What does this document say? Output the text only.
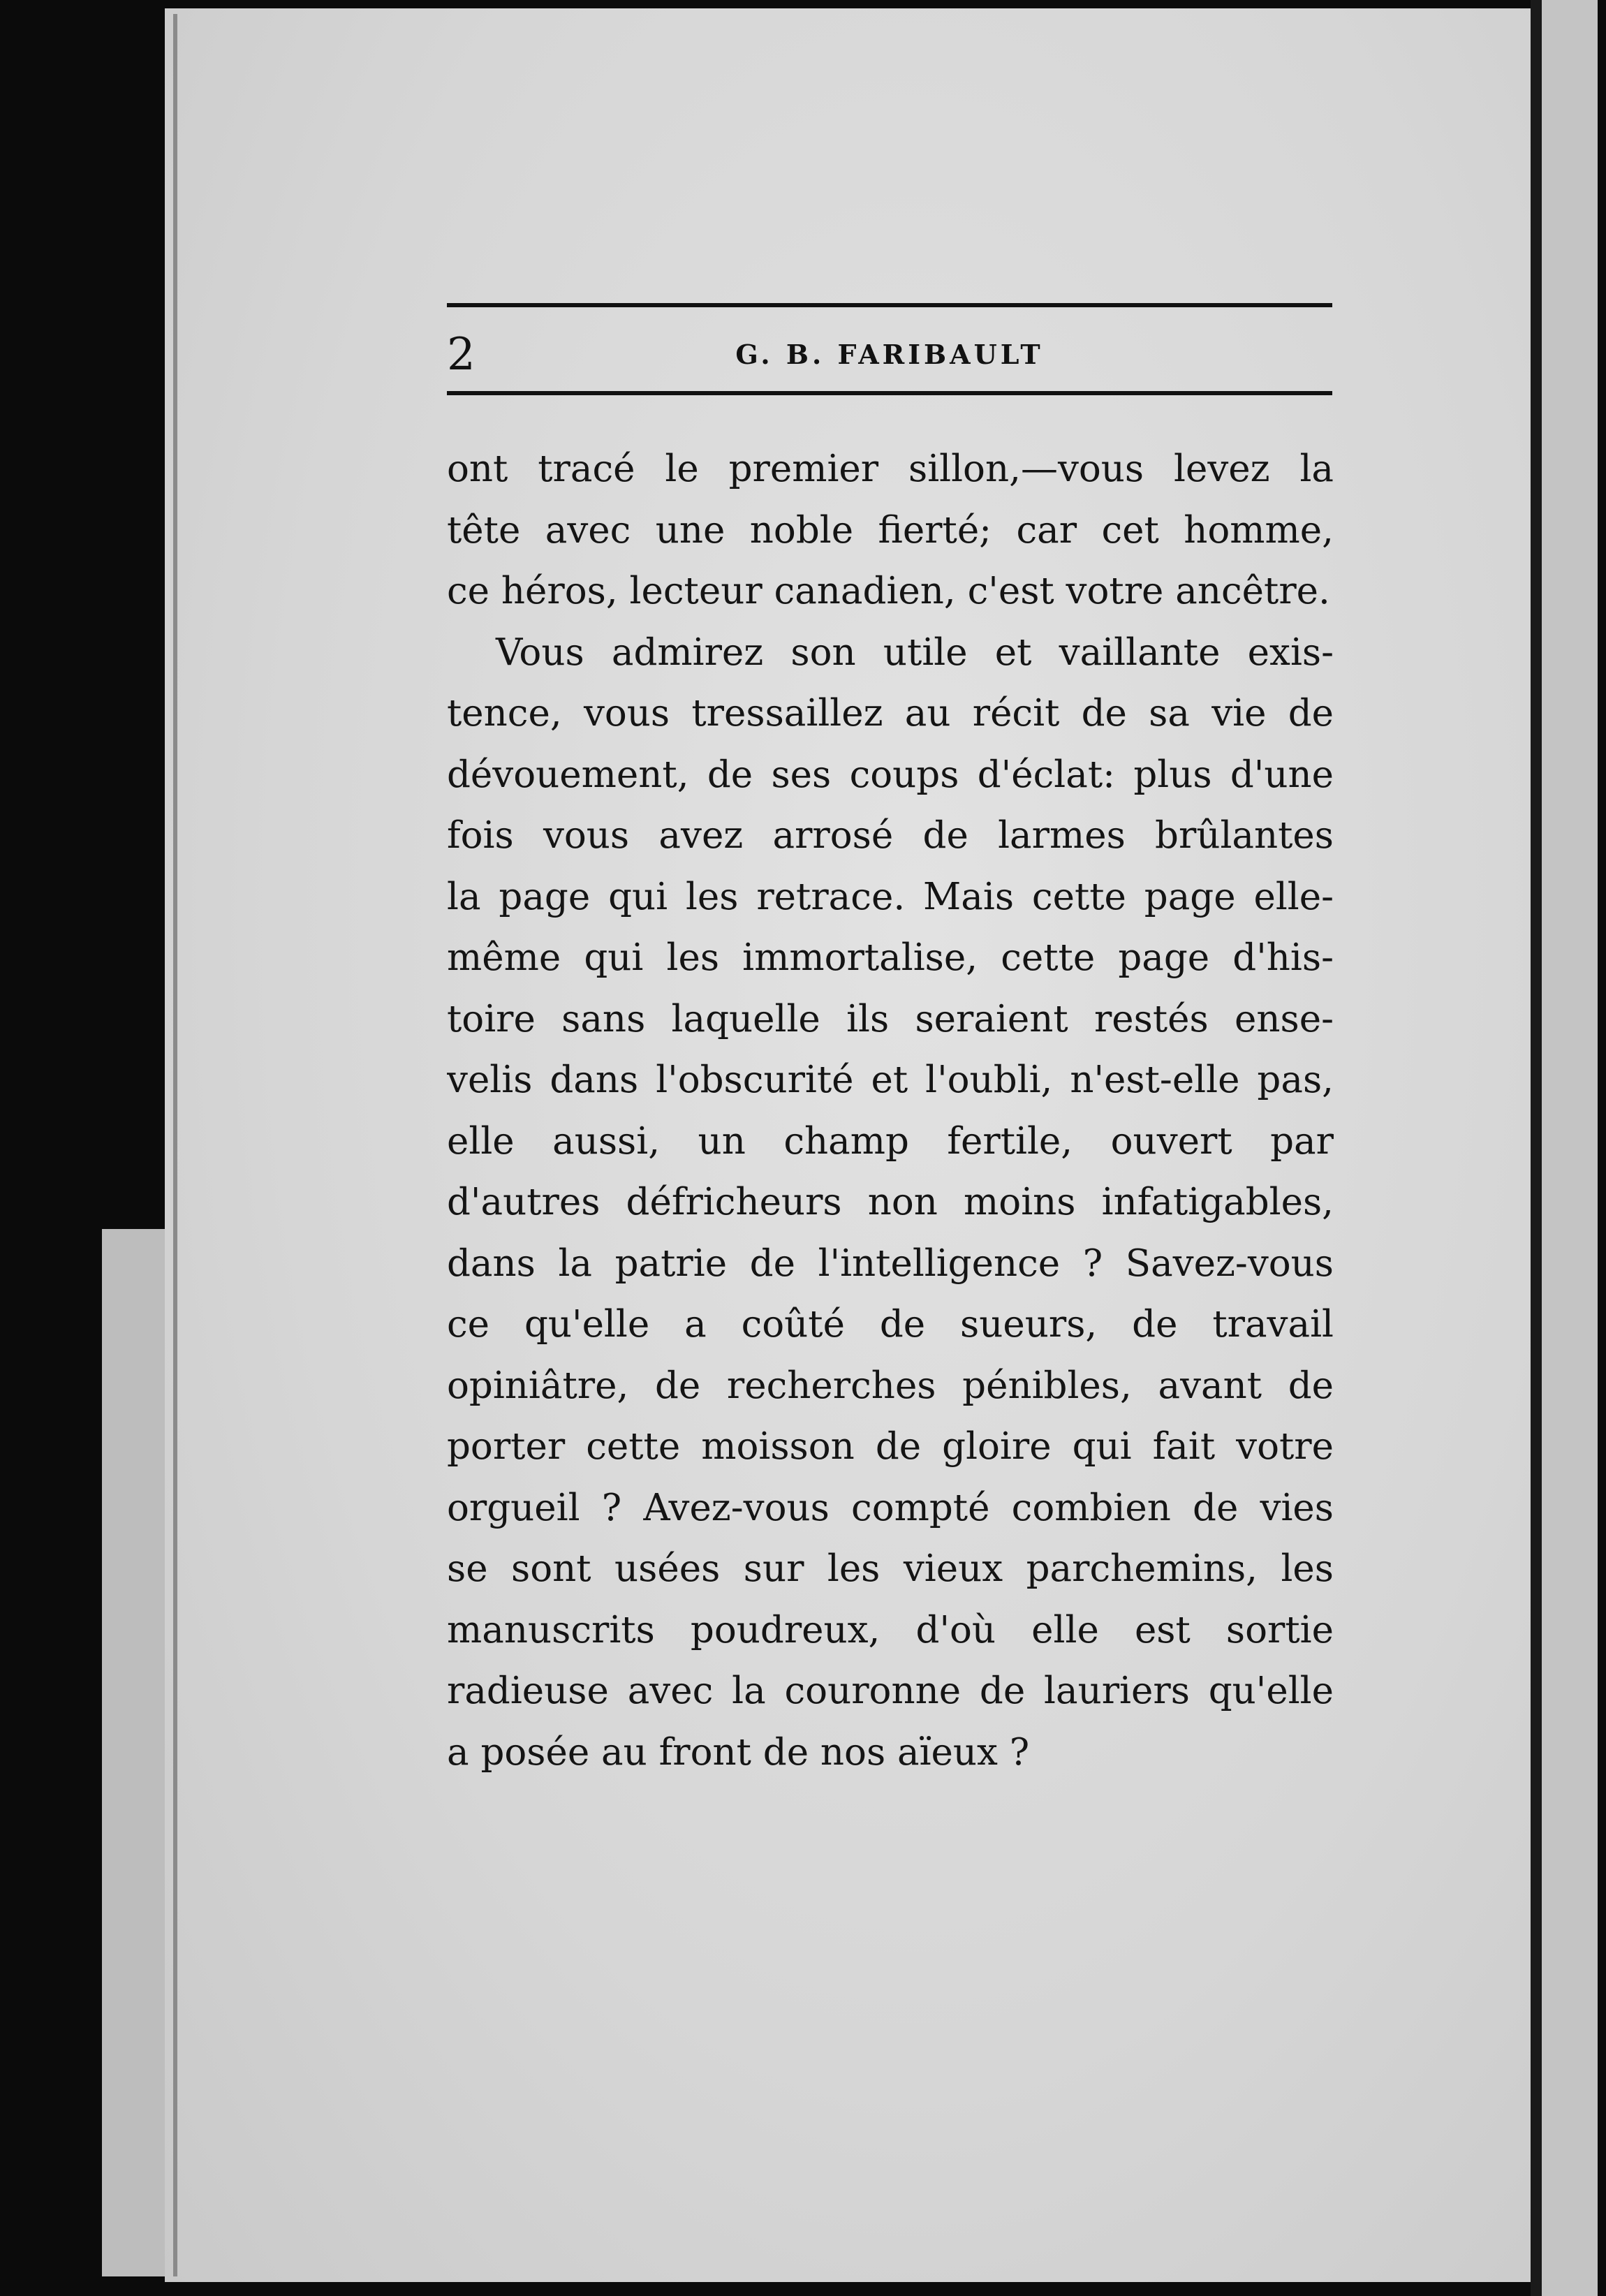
2	G. B. FARIBAULT
ont tracé le premier sillon,—vous levez la
tête avec une noble fierté; car cet homme,
ce héros, lecteur canadien, c'est votre ancêtre.
Vous admirez son utile et vaillante exis-
tence, vous tressaillez au récit de sa vie de
dévouement, de ses coups d'éclat: plus d'une
fois vous avez arrosé de larmes brûlantes
la page qui les retrace. Mais cette page elle-
même qui les immortalise, cette page d'his-
toire sans laquelle ils seraient restés ense-
velis dans l'obscurité et l'oubli, n'est-elle pas,
elle aussi, un champ fertile, ouvert par
d'autres défricheurs non moins infatigables,
dans la patrie de l'intelligence ? Savez-vous
ce qu'elle a coûté de sueurs, de travail
opiniâtre, de recherches pénibles, avant de
porter cette moisson de gloire qui fait votre
orgueil ? Avez-vous compté combien de vies
se sont usées sur les vieux parchemins, les
manuscrits poudreux, d'où elle est sortie
radieuse avec la couronne de lauriers qu'elle
a posée au front de nos aïeux ?
